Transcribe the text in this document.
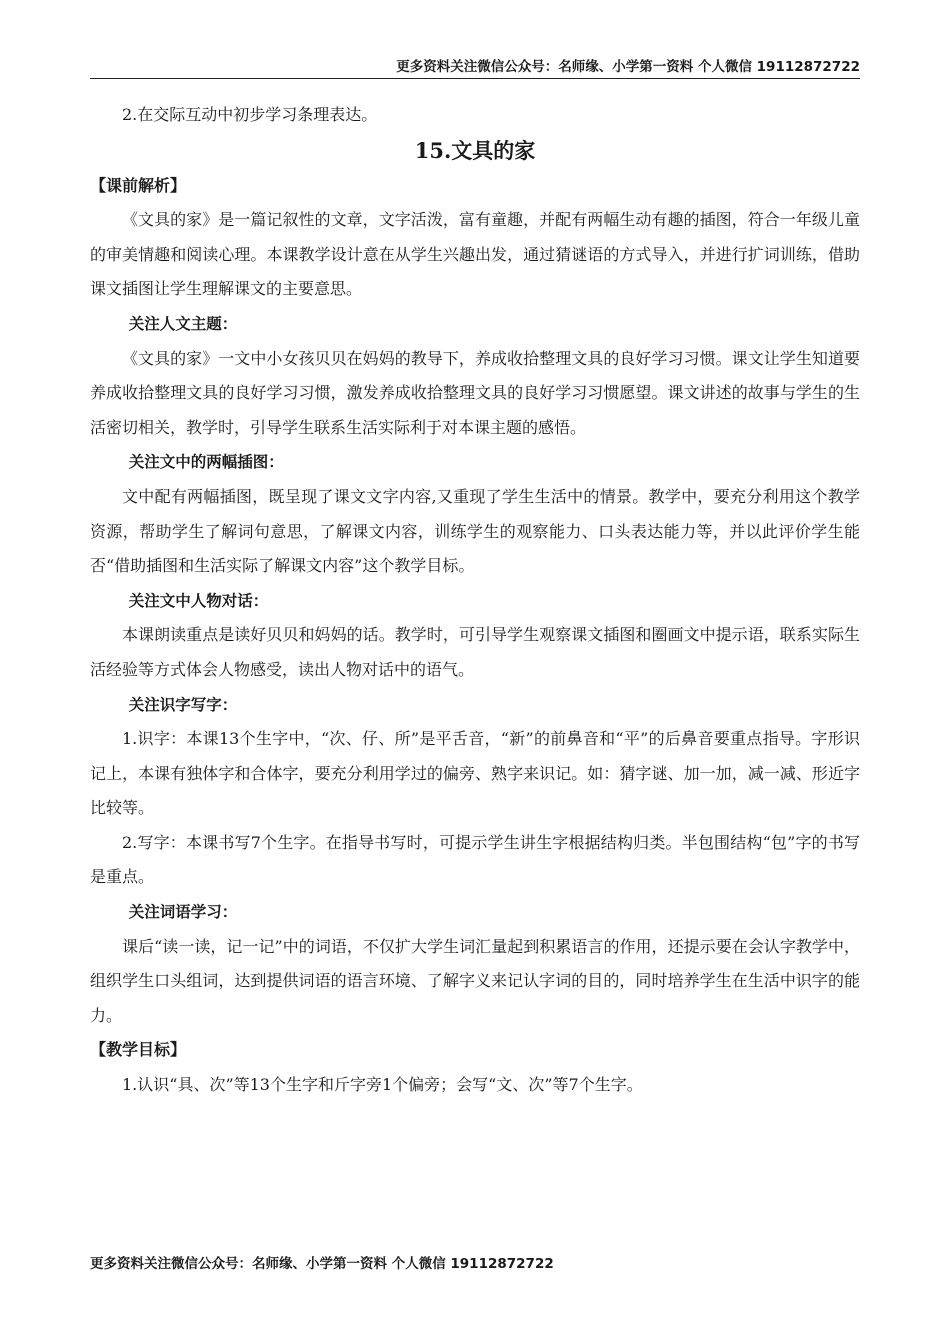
更多资料关注微信公众号：名师缘、小学第一资料 个人微信 19112872722

2.在交际互动中初步学习条理表达。

15.文具的家

【课前解析】

《文具的家》是一篇记叙性的文章，文字活泼，富有童趣，并配有两幅生动有趣的插图，符合一年级儿童的审美情趣和阅读心理。本课教学设计意在从学生兴趣出发，通过猜谜语的方式导入，并进行扩词训练，借助课文插图让学生理解课文的主要意思。

关注人文主题：

《文具的家》一文中小女孩贝贝在妈妈的教导下，养成收拾整理文具的良好学习习惯。课文让学生知道要养成收拾整理文具的良好学习习惯，激发养成收拾整理文具的良好学习习惯愿望。课文讲述的故事与学生的生活密切相关，教学时，引导学生联系生活实际利于对本课主题的感悟。

关注文中的两幅插图：

文中配有两幅插图，既呈现了课文文字内容,又重现了学生生活中的情景。教学中，要充分利用这个教学资源，帮助学生了解词句意思，了解课文内容，训练学生的观察能力、口头表达能力等，并以此评价学生能否“借助插图和生活实际了解课文内容”这个教学目标。

关注文中人物对话：

本课朗读重点是读好贝贝和妈妈的话。教学时，可引导学生观察课文插图和圈画文中提示语，联系实际生活经验等方式体会人物感受，读出人物对话中的语气。

关注识字写字：

1.识字：本课13个生字中，“次、仔、所”是平舌音，“新”的前鼻音和“平”的后鼻音要重点指导。字形识记上，本课有独体字和合体字，要充分利用学过的偏旁、熟字来识记。如：猜字谜、加一加，减一减、形近字比较等。

2.写字：本课书写7个生字。在指导书写时，可提示学生讲生字根据结构归类。半包围结构“包”字的书写是重点。

关注词语学习：

课后“读一读，记一记”中的词语，不仅扩大学生词汇量起到积累语言的作用，还提示要在会认字教学中，组织学生口头组词，达到提供词语的语言环境、了解字义来记认字词的目的，同时培养学生在生活中识字的能力。

【教学目标】

1.认识“具、次”等13个生字和斤字旁1个偏旁；会写“文、次”等7个生字。

更多资料关注微信公众号：名师缘、小学第一资料 个人微信 19112872722
